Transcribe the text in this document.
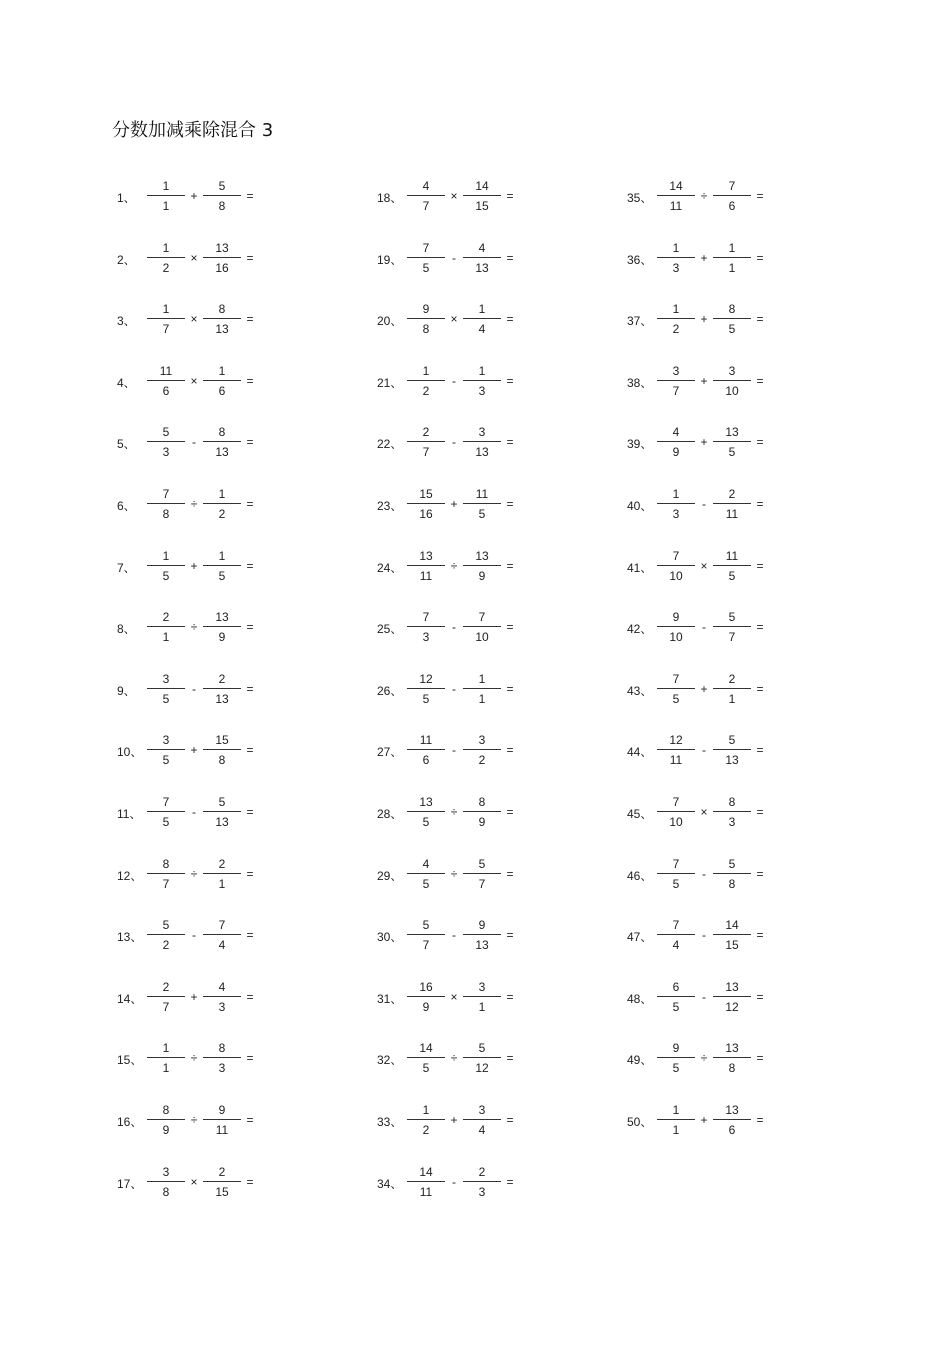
分数加减乘除混合 3
1、
1
1
+
5
8
=
2、
1
2
×
13
16
=
3、
1
7
×
8
13
=
4、
11
6
×
1
6
=
5、
5
3
-
8
13
=
6、
7
8
÷
1
2
=
7、
1
5
+
1
5
=
8、
2
1
÷
13
9
=
9、
3
5
-
2
13
=
10、
3
5
+
15
8
=
11、
7
5
-
5
13
=
12、
8
7
÷
2
1
=
13、
5
2
-
7
4
=
14、
2
7
+
4
3
=
15、
1
1
÷
8
3
=
16、
8
9
÷
9
11
=
17、
3
8
×
2
15
=
18、
4
7
×
14
15
=
19、
7
5
-
4
13
=
20、
9
8
×
1
4
=
21、
1
2
-
1
3
=
22、
2
7
-
3
13
=
23、
15
16
+
11
5
=
24、
13
11
÷
13
9
=
25、
7
3
-
7
10
=
26、
12
5
-
1
1
=
27、
11
6
-
3
2
=
28、
13
5
÷
8
9
=
29、
4
5
÷
5
7
=
30、
5
7
-
9
13
=
31、
16
9
×
3
1
=
32、
14
5
÷
5
12
=
33、
1
2
+
3
4
=
34、
14
11
-
2
3
=
35、
14
11
÷
7
6
=
36、
1
3
+
1
1
=
37、
1
2
+
8
5
=
38、
3
7
+
3
10
=
39、
4
9
+
13
5
=
40、
1
3
-
2
11
=
41、
7
10
×
11
5
=
42、
9
10
-
5
7
=
43、
7
5
+
2
1
=
44、
12
11
-
5
13
=
45、
7
10
×
8
3
=
46、
7
5
-
5
8
=
47、
7
4
-
14
15
=
48、
6
5
-
13
12
=
49、
9
5
÷
13
8
=
50、
1
1
+
13
6
=
